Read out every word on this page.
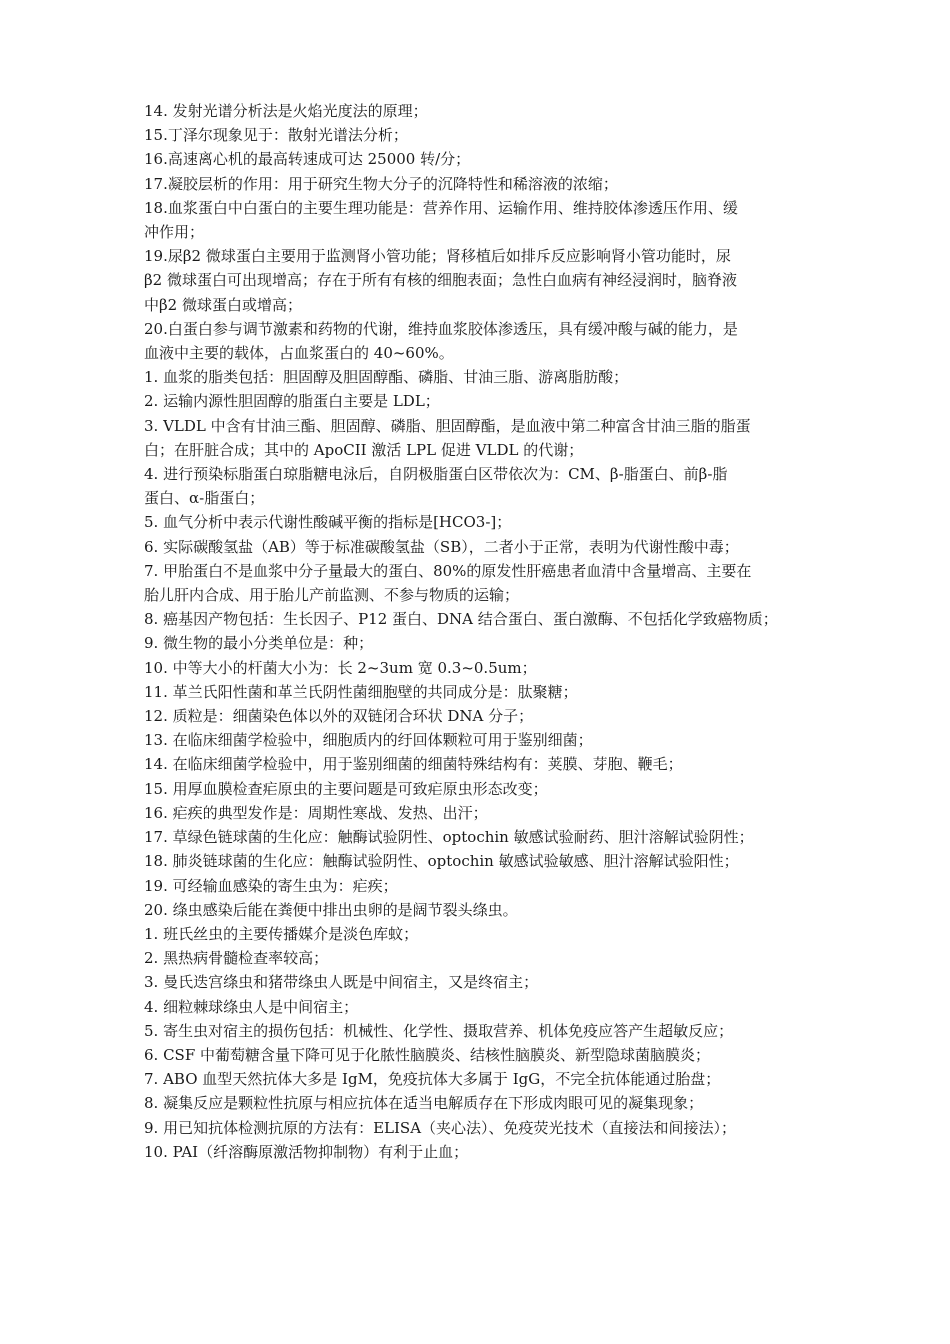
14. 发射光谱分析法是火焰光度法的原理；

15.丁泽尔现象见于：散射光谱法分析；

16.高速离心机的最高转速成可达 25000 转/分；

17.凝胶层析的作用：用于研究生物大分子的沉降特性和稀溶液的浓缩；

18.血浆蛋白中白蛋白的主要生理功能是：营养作用、运输作用、维持胶体渗透压作用、缓

冲作用；

19.尿β2 微球蛋白主要用于监测肾小管功能；肾移植后如排斥反应影响肾小管功能时，尿

β2 微球蛋白可出现增高；存在于所有有核的细胞表面；急性白血病有神经浸润时，脑脊液

中β2 微球蛋白或增高；

20.白蛋白参与调节激素和药物的代谢，维持血浆胶体渗透压，具有缓冲酸与碱的能力，是

血液中主要的载体，占血浆蛋白的 40~60%。

1. 血浆的脂类包括：胆固醇及胆固醇酯、磷脂、甘油三脂、游离脂肪酸；

2. 运输内源性胆固醇的脂蛋白主要是 LDL；

3. VLDL 中含有甘油三酯、胆固醇、磷脂、胆固醇酯，是血液中第二种富含甘油三脂的脂蛋

白；在肝脏合成；其中的 ApoCII 激活 LPL 促进 VLDL 的代谢；

4. 进行预染标脂蛋白琼脂糖电泳后，自阴极脂蛋白区带依次为：CM、β-脂蛋白、前β-脂

蛋白、α-脂蛋白；

5. 血气分析中表示代谢性酸碱平衡的指标是[HCO3-]；

6. 实际碳酸氢盐（AB）等于标准碳酸氢盐（SB），二者小于正常，表明为代谢性酸中毒；

7. 甲胎蛋白不是血浆中分子量最大的蛋白、80%的原发性肝癌患者血清中含量增高、主要在

胎儿肝内合成、用于胎儿产前监测、不参与物质的运输；

8. 癌基因产物包括：生长因子、P12 蛋白、DNA 结合蛋白、蛋白激酶、不包括化学致癌物质；

9. 微生物的最小分类单位是：种；

10. 中等大小的杆菌大小为：长 2~3um 宽 0.3~0.5um；

11. 革兰氏阳性菌和革兰氏阴性菌细胞壁的共同成分是：肽聚糖；

12. 质粒是：细菌染色体以外的双链闭合环状 DNA 分子；

13. 在临床细菌学检验中，细胞质内的纡回体颗粒可用于鉴别细菌；

14. 在临床细菌学检验中，用于鉴别细菌的细菌特殊结构有：荚膜、芽胞、鞭毛；

15. 用厚血膜检查疟原虫的主要问题是可致疟原虫形态改变；

16. 疟疾的典型发作是：周期性寒战、发热、出汗；

17. 草绿色链球菌的生化应：触酶试验阴性、optochin 敏感试验耐药、胆汁溶解试验阴性；

18. 肺炎链球菌的生化应：触酶试验阴性、optochin 敏感试验敏感、胆汁溶解试验阳性；

19. 可经输血感染的寄生虫为：疟疾；

20. 绦虫感染后能在粪便中排出虫卵的是阔节裂头绦虫。

1. 班氏丝虫的主要传播媒介是淡色库蚊；

2. 黑热病骨髓检查率较高；

3. 曼氏迭宫绦虫和猪带绦虫人既是中间宿主，又是终宿主；

4. 细粒棘球绦虫人是中间宿主；

5. 寄生虫对宿主的损伤包括：机械性、化学性、摄取营养、机体免疫应答产生超敏反应；

6. CSF 中葡萄糖含量下降可见于化脓性脑膜炎、结核性脑膜炎、新型隐球菌脑膜炎；

7. ABO 血型天然抗体大多是 IgM，免疫抗体大多属于 IgG，不完全抗体能通过胎盘；

8. 凝集反应是颗粒性抗原与相应抗体在适当电解质存在下形成肉眼可见的凝集现象；

9. 用已知抗体检测抗原的方法有：ELISA（夹心法）、免疫荧光技术（直接法和间接法）；

10. PAI（纤溶酶原激活物抑制物）有利于止血；
